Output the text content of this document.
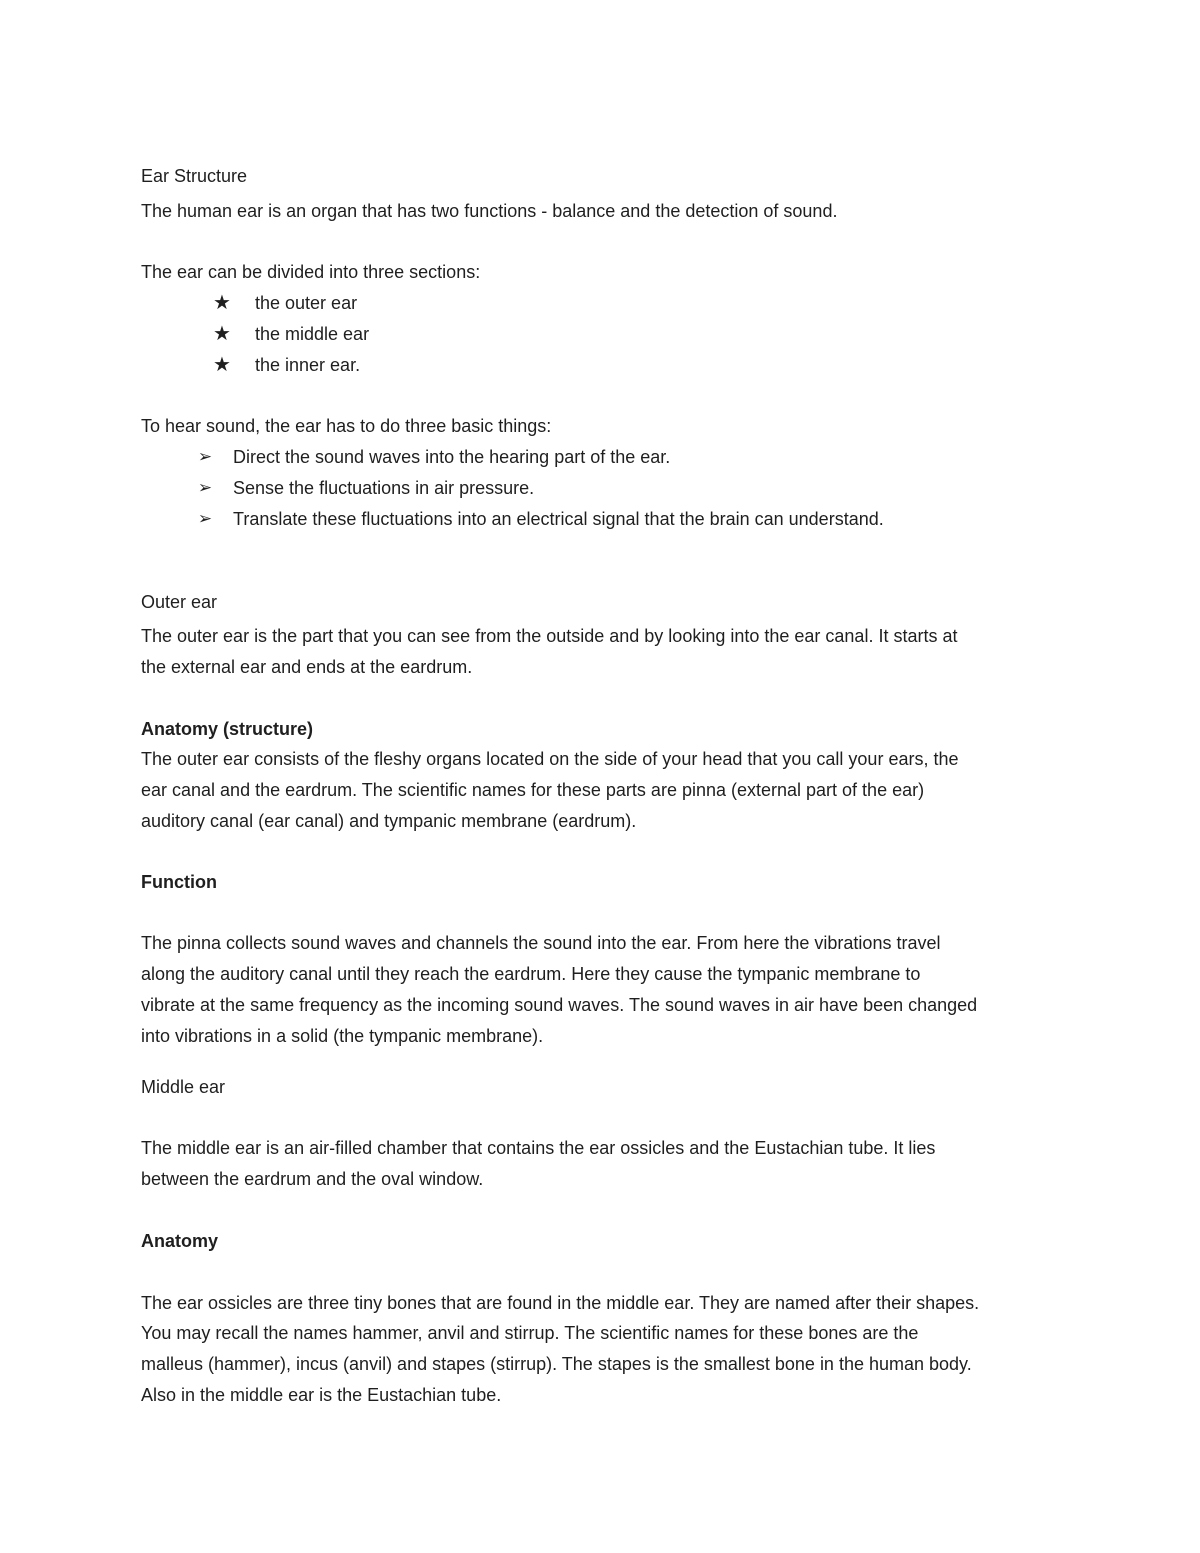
Ear Structure
The human ear is an organ that has two functions - balance and the detection of sound.
The ear can be divided into three sections:
★ the outer ear
★ the middle ear
★ the inner ear.
To hear sound, the ear has to do three basic things:
➢ Direct the sound waves into the hearing part of the ear.
➢ Sense the fluctuations in air pressure.
➢ Translate these fluctuations into an electrical signal that the brain can understand.
Outer ear
The outer ear is the part that you can see from the outside and by looking into the ear canal. It starts at
the external ear and ends at the eardrum.
Anatomy (structure)
The outer ear consists of the fleshy organs located on the side of your head that you call your ears, the
ear canal and the eardrum. The scientific names for these parts are pinna (external part of the ear)
auditory canal (ear canal) and tympanic membrane (eardrum).
Function
The pinna collects sound waves and channels the sound into the ear. From here the vibrations travel
along the auditory canal until they reach the eardrum. Here they cause the tympanic membrane to
vibrate at the same frequency as the incoming sound waves. The sound waves in air have been changed
into vibrations in a solid (the tympanic membrane).
Middle ear
The middle ear is an air-filled chamber that contains the ear ossicles and the Eustachian tube. It lies
between the eardrum and the oval window.
Anatomy
The ear ossicles are three tiny bones that are found in the middle ear. They are named after their shapes.
You may recall the names hammer, anvil and stirrup. The scientific names for these bones are the
malleus (hammer), incus (anvil) and stapes (stirrup). The stapes is the smallest bone in the human body.
Also in the middle ear is the Eustachian tube.
